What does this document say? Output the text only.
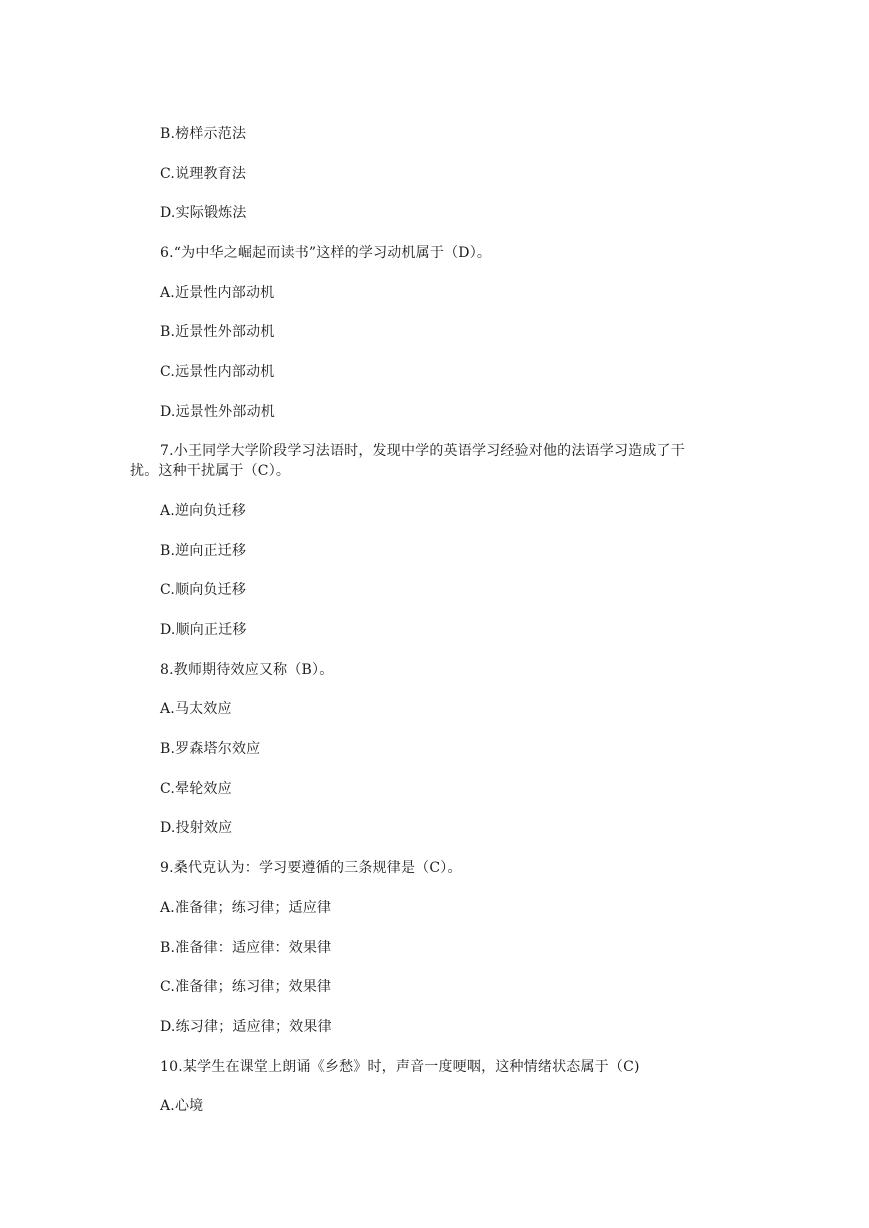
B.榜样示范法
C.说理教育法
D.实际锻炼法
6.“为中华之崛起而读书”这样的学习动机属于（D）。
A.近景性内部动机
B.近景性外部动机
C.远景性内部动机
D.远景性外部动机
7.小王同学大学阶段学习法语时，发现中学的英语学习经验对他的法语学习造成了干
扰。这种干扰属于（C）。
A.逆向负迁移
B.逆向正迁移
C.顺向负迁移
D.顺向正迁移
8.教师期待效应又称（B）。
A.马太效应
B.罗森塔尔效应
C.晕轮效应
D.投射效应
9.桑代克认为：学习要遵循的三条规律是（C）。
A.准备律；练习律；适应律
B.准备律：适应律：效果律
C.准备律；练习律；效果律
D.练习律；适应律；效果律
10.某学生在课堂上朗诵《乡愁》时，声音一度哽咽，这种情绪状态属于（C)
A.心境
